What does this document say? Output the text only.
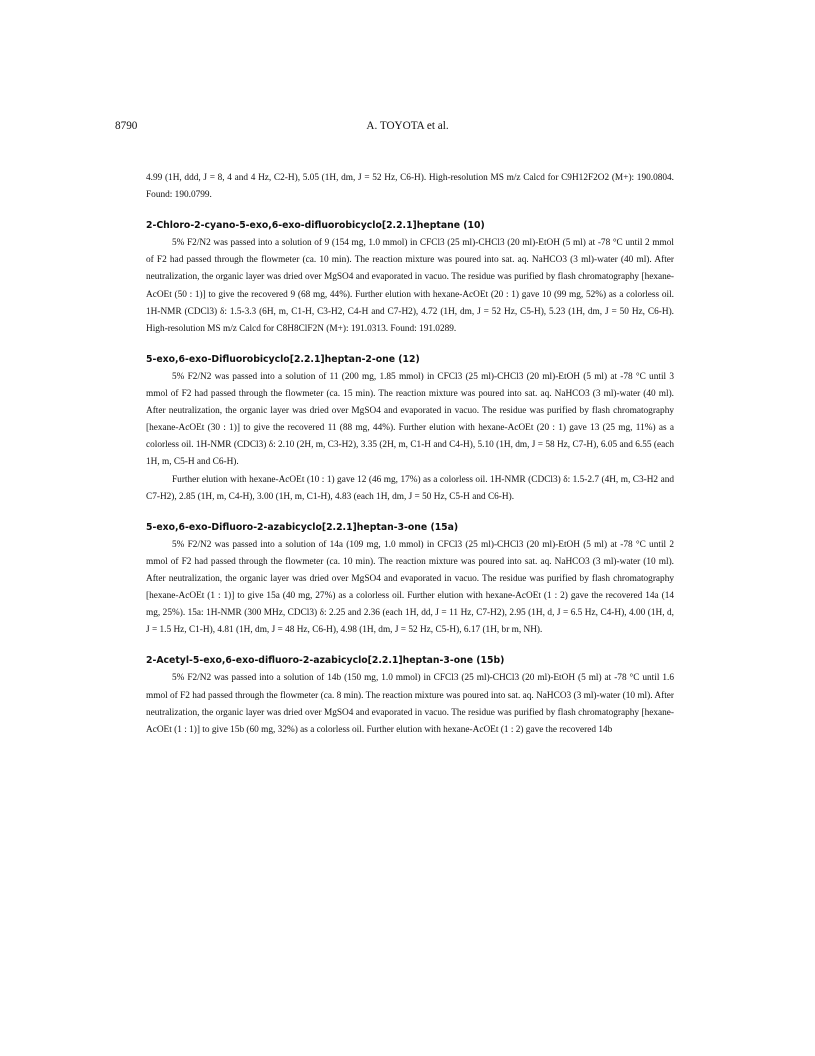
8790	A. TOYOTA et al.

4.99 (1H, ddd, J = 8, 4 and 4 Hz, C2-H), 5.05 (1H, dm, J = 52 Hz, C6-H). High-resolution MS m/z Calcd for C9H12F2O2 (M+): 190.0804. Found: 190.0799.

2-Chloro-2-cyano-5-exo,6-exo-difluorobicyclo[2.2.1]heptane (10)

5% F2/N2 was passed into a solution of 9 (154 mg, 1.0 mmol) in CFCl3 (25 ml)-CHCl3 (20 ml)-EtOH (5 ml) at -78 °C until 2 mmol of F2 had passed through the flowmeter (ca. 10 min). The reaction mixture was poured into sat. aq. NaHCO3 (3 ml)-water (40 ml). After neutralization, the organic layer was dried over MgSO4 and evaporated in vacuo. The residue was purified by flash chromatography [hexane-AcOEt (50 : 1)] to give the recovered 9 (68 mg, 44%). Further elution with hexane-AcOEt (20 : 1) gave 10 (99 mg, 52%) as a colorless oil. 1H-NMR (CDCl3) δ: 1.5-3.3 (6H, m, C1-H, C3-H2, C4-H and C7-H2), 4.72 (1H, dm, J = 52 Hz, C5-H), 5.23 (1H, dm, J = 50 Hz, C6-H). High-resolution MS m/z Calcd for C8H8ClF2N (M+): 191.0313. Found: 191.0289.

5-exo,6-exo-Difluorobicyclo[2.2.1]heptan-2-one (12)

5% F2/N2 was passed into a solution of 11 (200 mg, 1.85 mmol) in CFCl3 (25 ml)-CHCl3 (20 ml)-EtOH (5 ml) at -78 °C until 3 mmol of F2 had passed through the flowmeter (ca. 15 min). The reaction mixture was poured into sat. aq. NaHCO3 (3 ml)-water (40 ml). After neutralization, the organic layer was dried over MgSO4 and evaporated in vacuo. The residue was purified by flash chromatography [hexane-AcOEt (30 : 1)] to give the recovered 11 (88 mg, 44%). Further elution with hexane-AcOEt (20 : 1) gave 13 (25 mg, 11%) as a colorless oil. 1H-NMR (CDCl3) δ: 2.10 (2H, m, C3-H2), 3.35 (2H, m, C1-H and C4-H), 5.10 (1H, dm, J = 58 Hz, C7-H), 6.05 and 6.55 (each 1H, m, C5-H and C6-H).

Further elution with hexane-AcOEt (10 : 1) gave 12 (46 mg, 17%) as a colorless oil. 1H-NMR (CDCl3) δ: 1.5-2.7 (4H, m, C3-H2 and C7-H2), 2.85 (1H, m, C4-H), 3.00 (1H, m, C1-H), 4.83 (each 1H, dm, J = 50 Hz, C5-H and C6-H).

5-exo,6-exo-Difluoro-2-azabicyclo[2.2.1]heptan-3-one (15a)

5% F2/N2 was passed into a solution of 14a (109 mg, 1.0 mmol) in CFCl3 (25 ml)-CHCl3 (20 ml)-EtOH (5 ml) at -78 °C until 2 mmol of F2 had passed through the flowmeter (ca. 10 min). The reaction mixture was poured into sat. aq. NaHCO3 (3 ml)-water (10 ml). After neutralization, the organic layer was dried over MgSO4 and evaporated in vacuo. The residue was purified by flash chromatography [hexane-AcOEt (1 : 1)] to give 15a (40 mg, 27%) as a colorless oil. Further elution with hexane-AcOEt (1 : 2) gave the recovered 14a (14 mg, 25%). 15a: 1H-NMR (300 MHz, CDCl3) δ: 2.25 and 2.36 (each 1H, dd, J = 11 Hz, C7-H2), 2.95 (1H, d, J = 6.5 Hz, C4-H), 4.00 (1H, d, J = 1.5 Hz, C1-H), 4.81 (1H, dm, J = 48 Hz, C6-H), 4.98 (1H, dm, J = 52 Hz, C5-H), 6.17 (1H, br m, NH).

2-Acetyl-5-exo,6-exo-difluoro-2-azabicyclo[2.2.1]heptan-3-one (15b)

5% F2/N2 was passed into a solution of 14b (150 mg, 1.0 mmol) in CFCl3 (25 ml)-CHCl3 (20 ml)-EtOH (5 ml) at -78 °C until 1.6 mmol of F2 had passed through the flowmeter (ca. 8 min). The reaction mixture was poured into sat. aq. NaHCO3 (3 ml)-water (10 ml). After neutralization, the organic layer was dried over MgSO4 and evaporated in vacuo. The residue was purified by flash chromatography [hexane-AcOEt (1 : 1)] to give 15b (60 mg, 32%) as a colorless oil. Further elution with hexane-AcOEt (1 : 2) gave the recovered 14b
